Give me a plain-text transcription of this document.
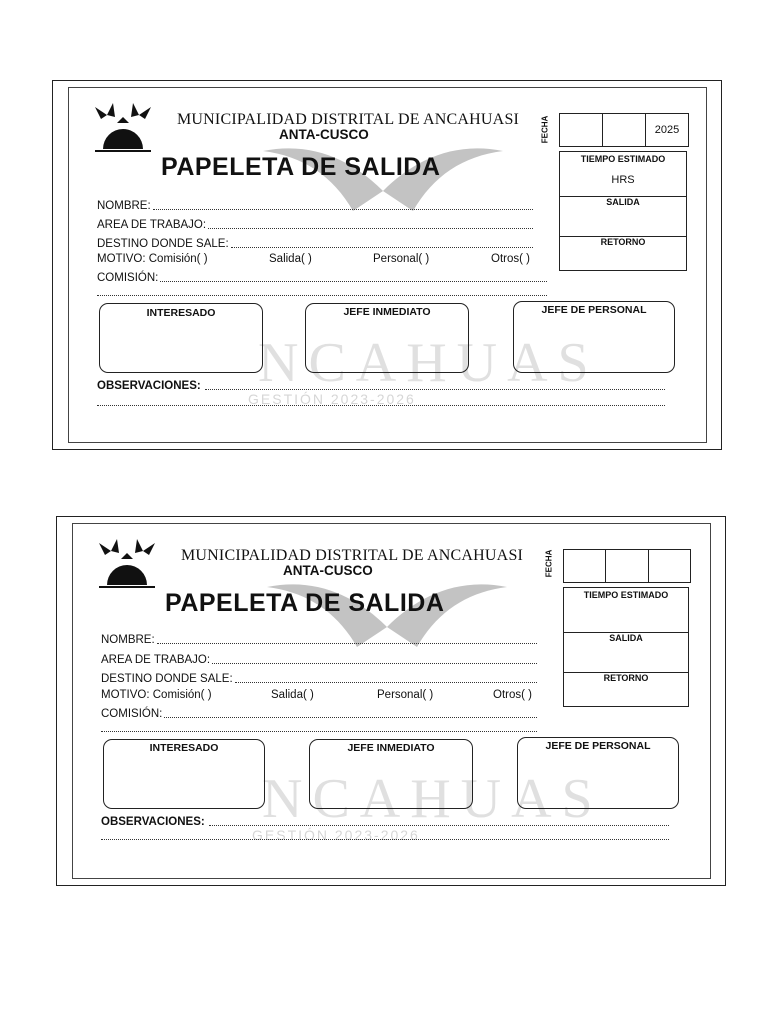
NCAHUAS
GESTIÓN 2023-2026
MUNICIPALIDAD DISTRITAL DE ANCAHUASI
ANTA-CUSCO
PAPELETA DE SALIDA
FECHA	2025
TIEMPO ESTIMADO
HRS
SALIDA
RETORNO
NOMBRE:
AREA DE TRABAJO:
DESTINO DONDE SALE:
MOTIVO: Comisión( )	Salida( )	Personal( )	Otros( )
COMISIÓN:
INTERESADO	JEFE INMEDIATO	JEFE DE PERSONAL
OBSERVACIONES:
NCAHUAS
GESTIÓN 2023-2026
MUNICIPALIDAD DISTRITAL DE ANCAHUASI
ANTA-CUSCO
PAPELETA DE SALIDA
FECHA
TIEMPO ESTIMADO
SALIDA
RETORNO
NOMBRE:
AREA DE TRABAJO:
DESTINO DONDE SALE:
MOTIVO: Comisión( )	Salida( )	Personal( )	Otros( )
COMISIÓN:
INTERESADO	JEFE INMEDIATO	JEFE DE PERSONAL
OBSERVACIONES:
